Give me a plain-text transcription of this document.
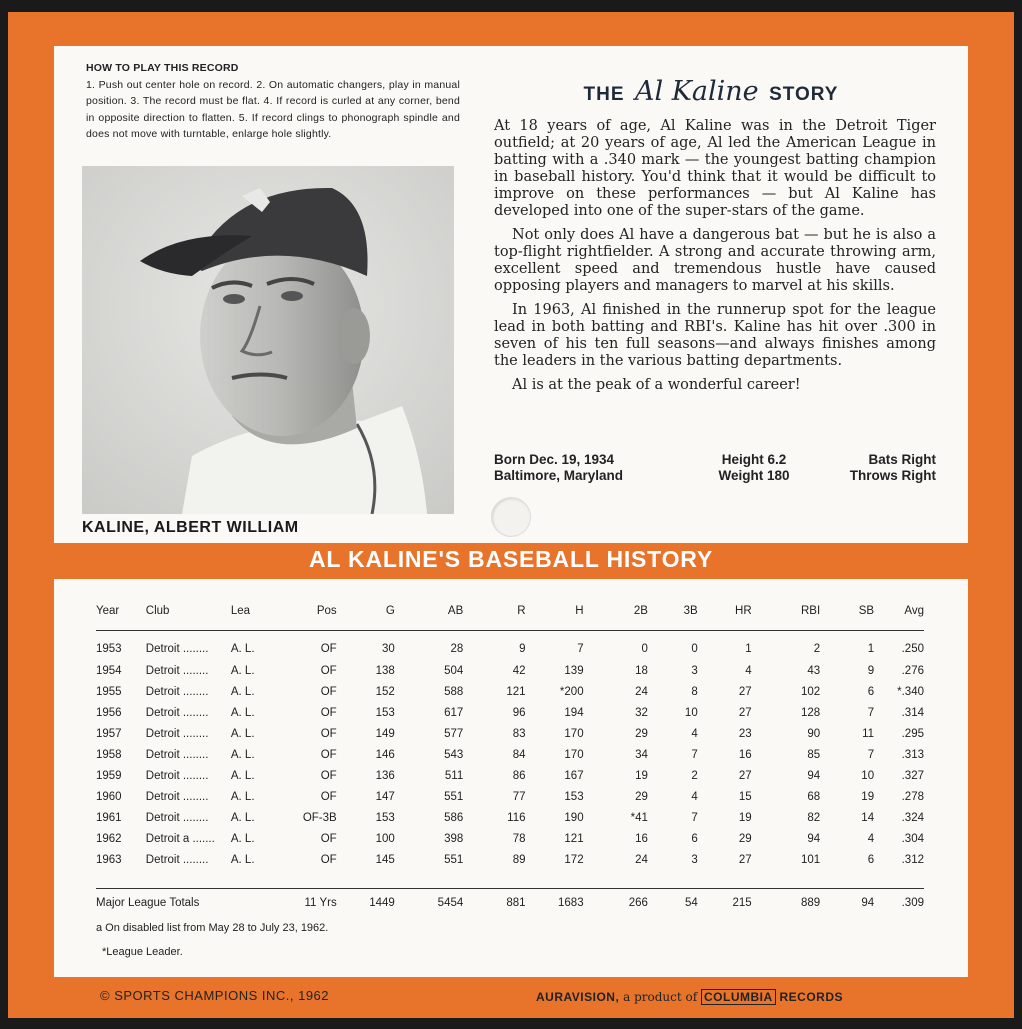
HOW TO PLAY THIS RECORD
1. Push out center hole on record. 2. On automatic changers, play in manual position. 3. The record must be flat. 4. If record is curled at any corner, bend in opposite direction to flatten. 5. If record clings to phonograph spindle and does not move with turntable, enlarge hole slightly.
KALINE, ALBERT WILLIAM
THE Al Kaline STORY

At 18 years of age, Al Kaline was in the Detroit Tiger outfield; at 20 years of age, Al led the American League in batting with a .340 mark — the youngest batting champion in baseball history. You'd think that it would be difficult to improve on these performances — but Al Kaline has developed into one of the super-stars of the game.

Not only does Al have a dangerous bat — but he is also a top-flight rightfielder. A strong and accurate throwing arm, excellent speed and tremendous hustle have caused opposing players and managers to marvel at his skills.

In 1963, Al finished in the runnerup spot for the league lead in both batting and RBI's. Kaline has hit over .300 in seven of his ten full seasons—and always finishes among the leaders in the various batting departments.

Al is at the peak of a wonderful career!

Born Dec. 19, 1934
Baltimore, Maryland
Height 6.2
Weight 180
Bats Right
Throws Right
AL KALINE'S BASEBALL HISTORY
Year	Club	Lea	Pos	G	AB	R	H	2B	3B	HR	RBI	SB	Avg
1953	Detroit ........	A. L.	OF	30	28	9	7	0	0	1	2	1	.250
1954	Detroit ........	A. L.	OF	138	504	42	139	18	3	4	43	9	.276
1955	Detroit ........	A. L.	OF	152	588	121	*200	24	8	27	102	6	*.340
1956	Detroit ........	A. L.	OF	153	617	96	194	32	10	27	128	7	.314
1957	Detroit ........	A. L.	OF	149	577	83	170	29	4	23	90	11	.295
1958	Detroit ........	A. L.	OF	146	543	84	170	34	7	16	85	7	.313
1959	Detroit ........	A. L.	OF	136	511	86	167	19	2	27	94	10	.327
1960	Detroit ........	A. L.	OF	147	551	77	153	29	4	15	68	19	.278
1961	Detroit ........	A. L.	OF-3B	153	586	116	190	*41	7	19	82	14	.324
1962	Detroit a .......	A. L.	OF	100	398	78	121	16	6	29	94	4	.304
1963	Detroit ........	A. L.	OF	145	551	89	172	24	3	27	101	6	.312
Major League Totals	11 Yrs	1449	5454	881	1683	266	54	215	889	94	.309
a On disabled list from May 28 to July 23, 1962.
*League Leader.
© SPORTS CHAMPIONS INC., 1962	AURAVISION, a product of COLUMBIA RECORDS
